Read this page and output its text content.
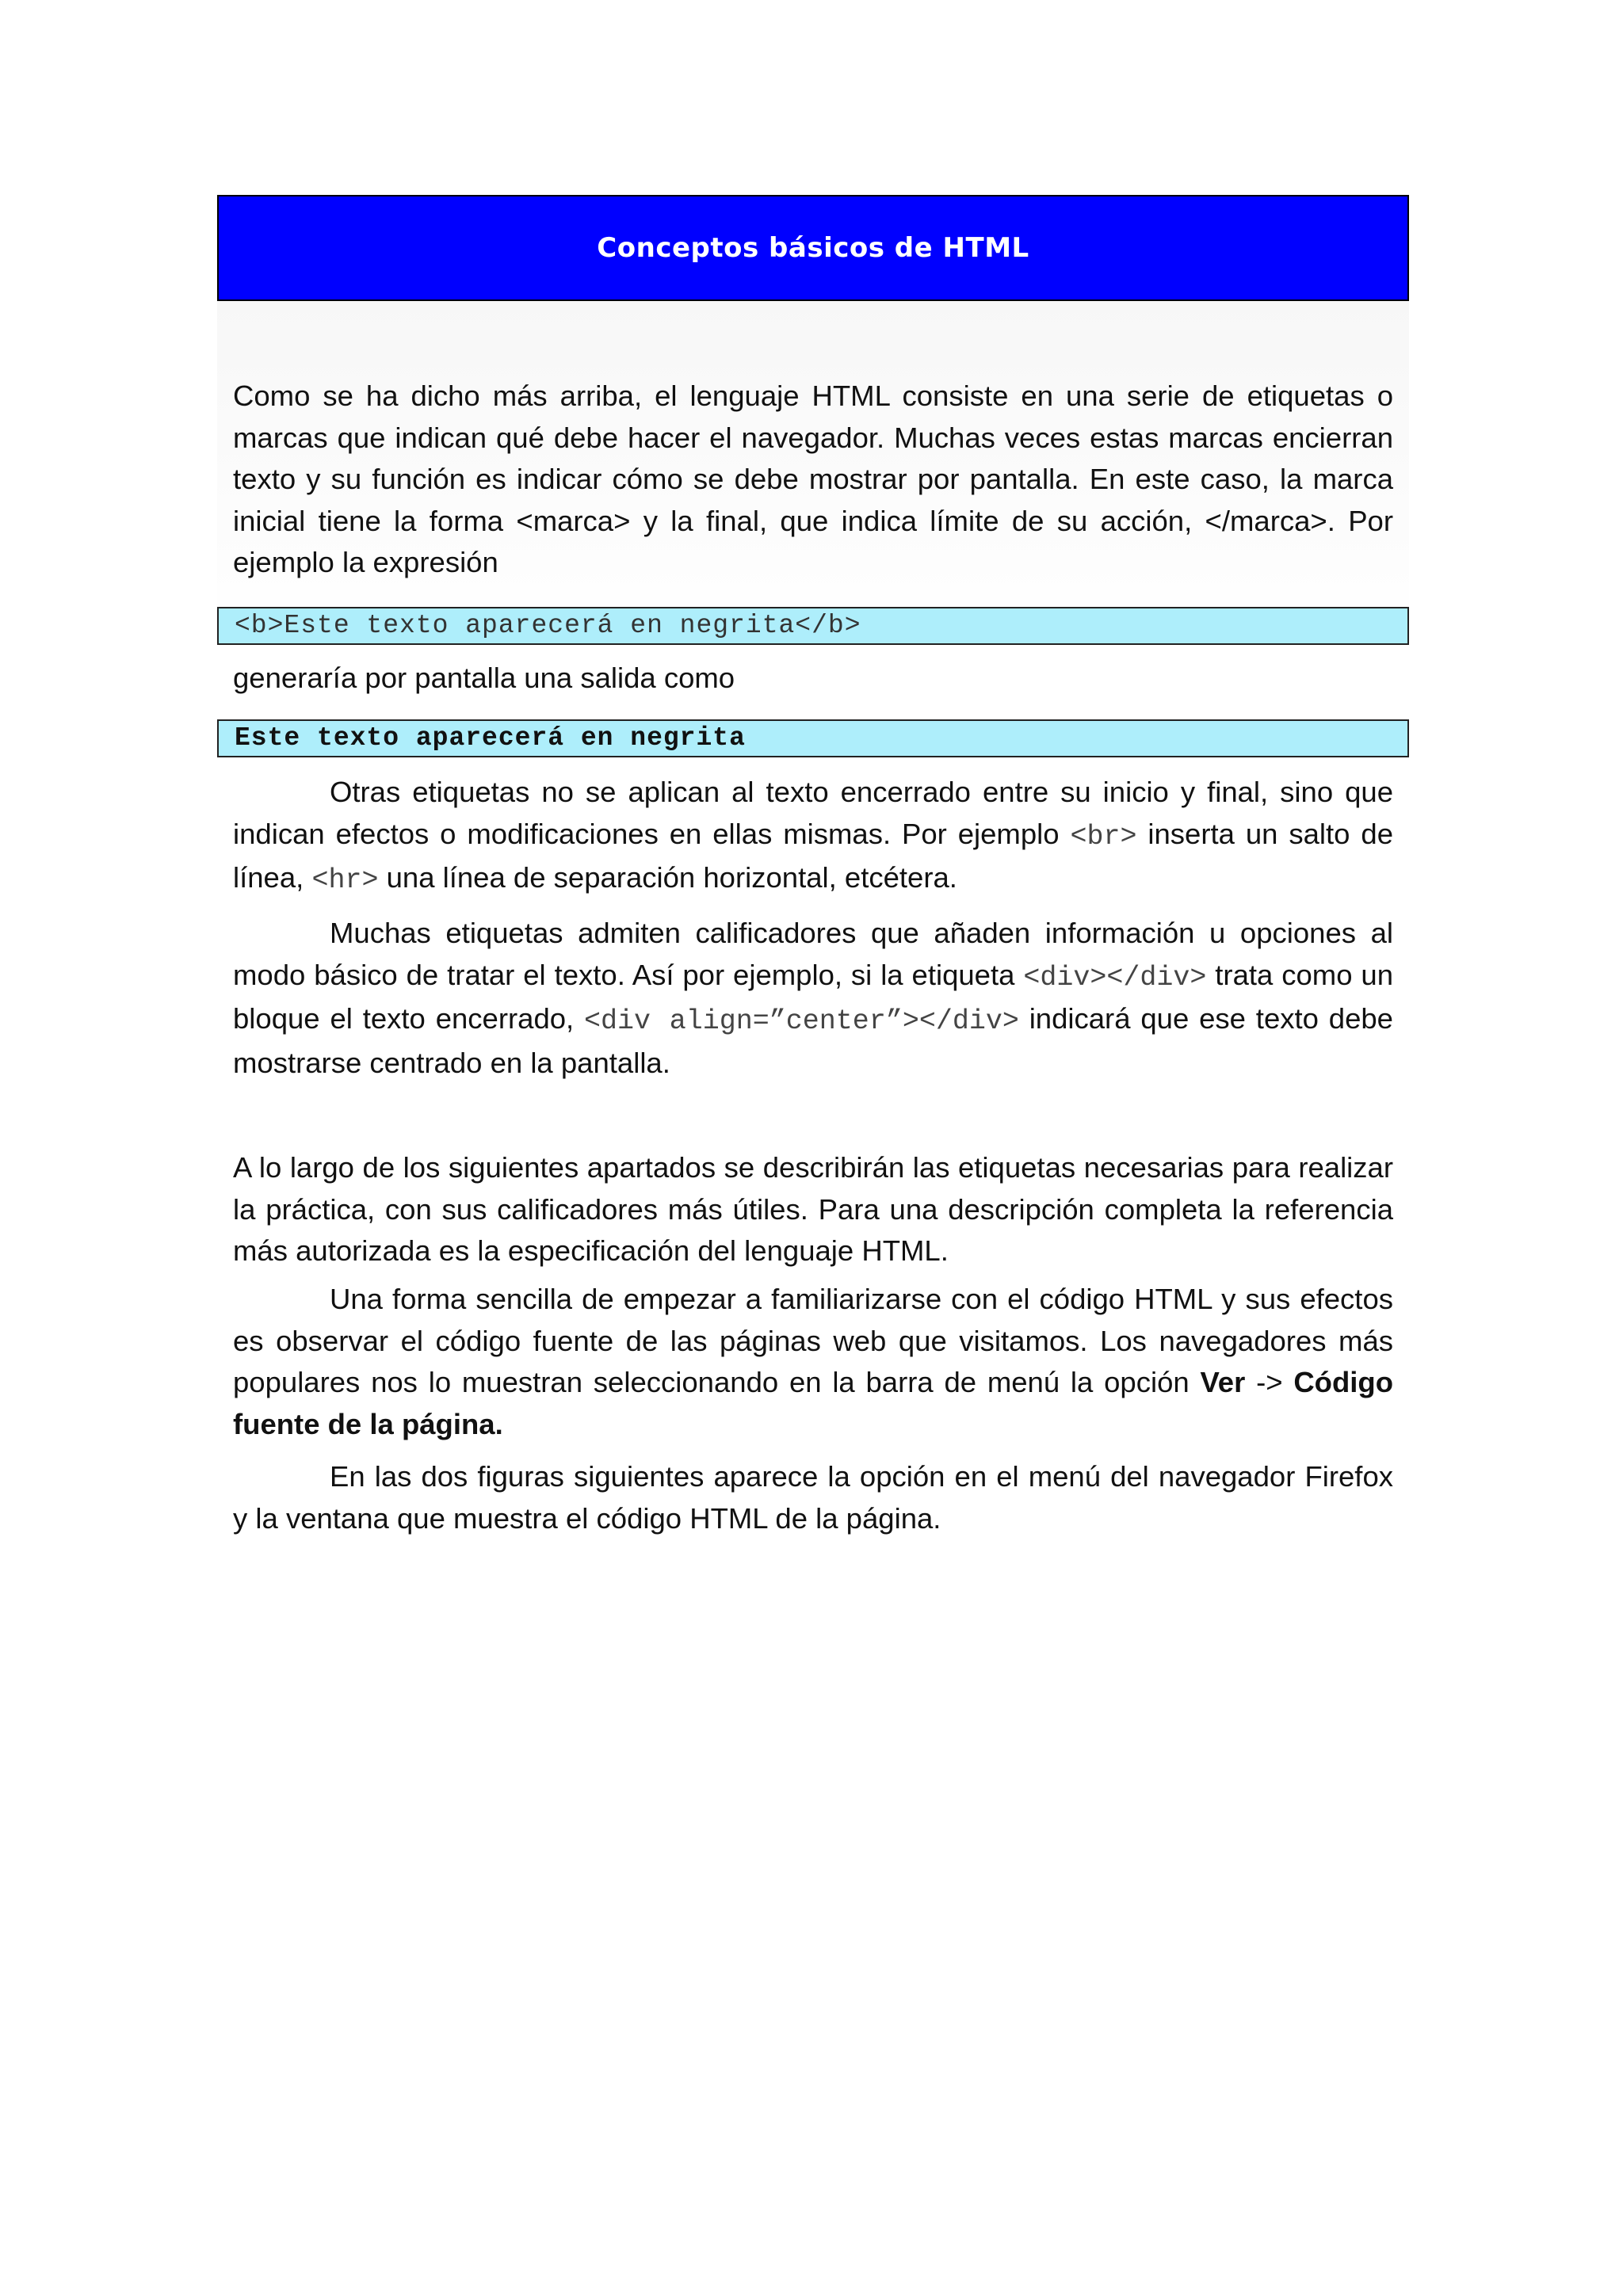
Conceptos básicos de HTML

Como se ha dicho más arriba, el lenguaje HTML consiste en una serie de etiquetas o marcas que indican qué debe hacer el navegador. Muchas veces estas marcas encierran texto y su función es indicar cómo se debe mostrar por pantalla. En este caso, la marca inicial tiene la forma <marca> y la final, que indica límite de su acción, </marca>. Por ejemplo la expresión

<b>Este texto aparecerá en negrita</b>

generaría por pantalla una salida como

Este texto aparecerá en negrita

Otras etiquetas no se aplican al texto encerrado entre su inicio y final, sino que indican efectos o modificaciones en ellas mismas. Por ejemplo <br> inserta un salto de línea, <hr> una línea de separación horizontal, etcétera.

Muchas etiquetas admiten calificadores que añaden información u opciones al modo básico de tratar el texto. Así por ejemplo, si la etiqueta <div></div> trata como un bloque el texto encerrado, <div align=”center”></div> indicará que ese texto debe mostrarse centrado en la pantalla.

A lo largo de los siguientes apartados se describirán las etiquetas necesarias para realizar la práctica, con sus calificadores más útiles. Para una descripción completa la referencia más autorizada es la especificación del lenguaje HTML.

Una forma sencilla de empezar a familiarizarse con el código HTML y sus efectos es observar el código fuente de las páginas web que visitamos. Los navegadores más populares nos lo muestran seleccionando en la barra de menú la opción Ver -> Código fuente de la página.

En las dos figuras siguientes aparece la opción en el menú del navegador Firefox y la ventana que muestra el código HTML de la página.
